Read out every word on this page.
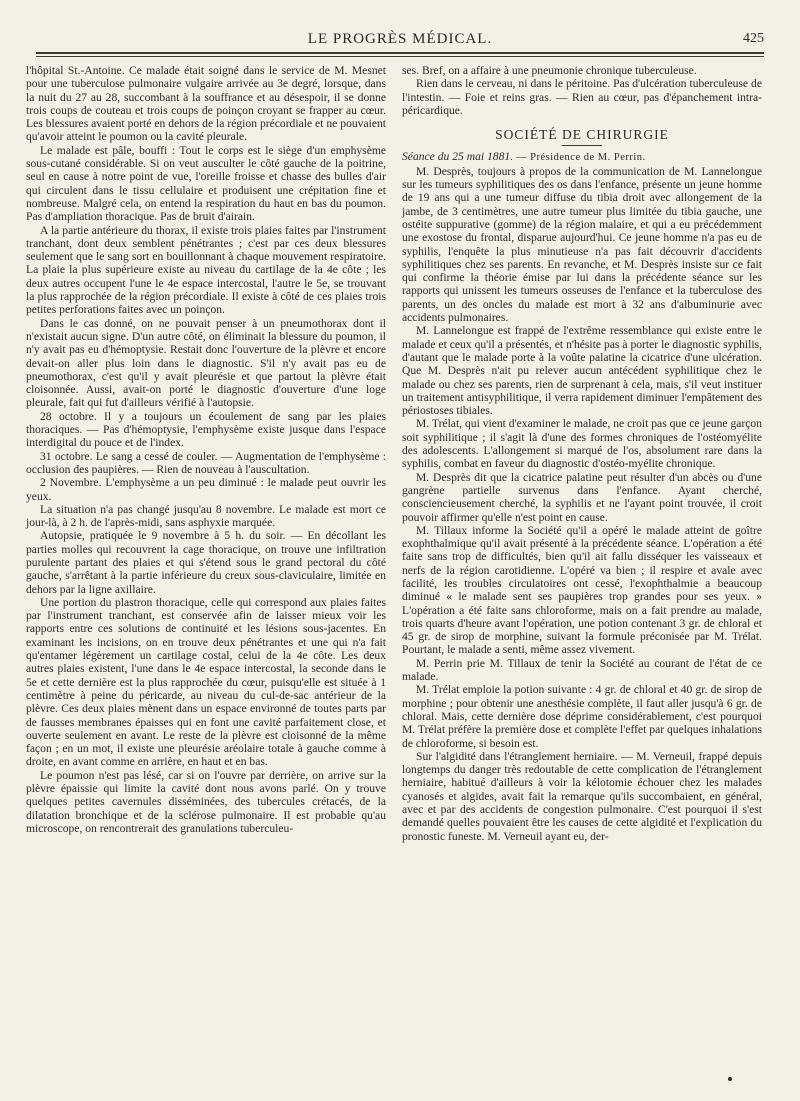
LE PROGRÈS MÉDICAL.	425

l'hôpital St.-Antoine. Ce malade était soigné dans le service de M. Mesnet pour une tuberculose pulmonaire vulgaire arrivée au 3e degré, lorsque, dans la nuit du 27 au 28, succombant à la souffrance et au désespoir, il se donne trois coups de couteau et trois coups de poinçon croyant se frapper au cœur. Les blessures avaient porté en dehors de la région précordiale et ne pouvaient qu'avoir atteint le poumon ou la cavité pleurale.

Le malade est pâle, bouffi : Tout le corps est le siège d'un emphysème sous-cutané considérable. Si on veut ausculter le côté gauche de la poitrine, seul en cause à notre point de vue, l'oreille froisse et chasse des bulles d'air qui circulent dans le tissu cellulaire et produisent une crépitation fine et nombreuse. Malgré cela, on entend la respiration du haut en bas du poumon. Pas d'ampliation thoracique. Pas de bruit d'airain.

A la partie antérieure du thorax, il existe trois plaies faites par l'instrument tranchant, dont deux semblent pénétrantes ; c'est par ces deux blessures seulement que le sang sort en bouillonnant à chaque mouvement respiratoire. La plaie la plus supérieure existe au niveau du cartilage de la 4e côte ; les deux autres occupent l'une le 4e espace intercostal, l'autre le 5e, se trouvant la plus rapprochée de la région précordiale. Il existe à côté de ces plaies trois petites perforations faites avec un poinçon.

Dans le cas donné, on ne pouvait penser à un pneumothorax dont il n'existait aucun signe. D'un autre côté, on éliminait la blessure du poumon, il n'y avait pas eu d'hémoptysie. Restait donc l'ouverture de la plèvre et encore devait-on aller plus loin dans le diagnostic. S'il n'y avait pas eu de pneumothorax, c'est qu'il y avait pleurésie et que partout la plèvre était cloisonnée. Aussi, avait-on porté le diagnostic d'ouverture d'une loge pleurale, fait qui fut d'ailleurs vérifié à l'autopsie.

28 octobre. Il y a toujours un écoulement de sang par les plaies thoraciques. — Pas d'hémoptysie, l'emphysème existe jusque dans l'espace interdigital du pouce et de l'index.

31 octobre. Le sang a cessé de couler. — Augmentation de l'emphysème : occlusion des paupières. — Rien de nouveau à l'auscultation.

2 Novembre. L'emphysème a un peu diminué : le malade peut ouvrir les yeux.

La situation n'a pas changé jusqu'au 8 novembre. Le malade est mort ce jour-là, à 2 h. de l'après-midi, sans asphyxie marquée.

Autopsie, pratiquée le 9 novembre à 5 h. du soir. — En décollant les parties molles qui recouvrent la cage thoracique, on trouve une infiltration purulente partant des plaies et qui s'étend sous le grand pectoral du côté gauche, s'arrêtant à la partie inférieure du creux sous-claviculaire, limitée en dehors par la ligne axillaire.

Une portion du plastron thoracique, celle qui correspond aux plaies faites par l'instrument tranchant, est conservée afin de laisser mieux voir les rapports entre ces solutions de continuité et les lésions sous-jacentes. En examinant les incisions, on en trouve deux pénétrantes et une qui n'a fait qu'entamer légèrement un cartilage costal, celui de la 4e côte. Les deux autres plaies existent, l'une dans le 4e espace intercostal, la seconde dans le 5e et cette dernière est la plus rapprochée du cœur, puisqu'elle est située à 1 centimètre à peine du péricarde, au niveau du cul-de-sac antérieur de la plèvre. Ces deux plaies mènent dans un espace environné de toutes parts par de fausses membranes épaisses qui en font une cavité parfaitement close, et ouverte seulement en avant. Le reste de la plèvre est cloisonné de la même façon ; en un mot, il existe une pleurésie aréolaire totale à gauche comme à droite, en avant comme en arrière, en haut et en bas.

Le poumon n'est pas lésé, car si on l'ouvre par derrière, on arrive sur la plèvre épaissie qui limite la cavité dont nous avons parlé. On y trouve quelques petites cavernules disséminées, des tubercules crétacés, de la dilatation bronchique et de la sclérose pulmonaire. Il est probable qu'au microscope, on rencontrerait des granulations tuberculeu-

ses. Bref, on a affaire à une pneumonie chronique tuberculeuse.

Rien dans le cerveau, ni dans le péritoine. Pas d'ulcération tuberculeuse de l'intestin. — Foie et reins gras. — Rien au cœur, pas d'épanchement intra-péricardique.

SOCIÉTÉ DE CHIRURGIE

Séance du 25 mai 1881. — Présidence de M. Perrin.

M. Desprès, toujours à propos de la communication de M. Lannelongue sur les tumeurs syphilitiques des os dans l'enfance, présente un jeune homme de 19 ans qui a une tumeur diffuse du tibia droit avec allongement de la jambe, de 3 centimètres, une autre tumeur plus limitée du tibia gauche, une ostéite suppurative (gomme) de la région malaire, et qui a eu précédemment une exostose du frontal, disparue aujourd'hui. Ce jeune homme n'a pas eu de syphilis, l'enquête la plus minutieuse n'a pas fait découvrir d'accidents syphilitiques chez ses parents. En revanche, et M. Desprès insiste sur ce fait qui confirme la théorie émise par lui dans la précédente séance sur les rapports qui unissent les tumeurs osseuses de l'enfance et la tuberculose des parents, un des oncles du malade est mort à 32 ans d'albuminurie avec accidents pulmonaires.

M. Lannelongue est frappé de l'extrême ressemblance qui existe entre le malade et ceux qu'il a présentés, et n'hésite pas à porter le diagnostic syphilis, d'autant que le malade porte à la voûte palatine la cicatrice d'une ulcération. Que M. Desprès n'ait pu relever aucun antécédent syphilitique chez le malade ou chez ses parents, rien de surprenant à cela, mais, s'il veut instituer un traitement antisyphilitique, il verra rapidement diminuer l'empâtement des périostoses tibiales.

M. Trélat, qui vient d'examiner le malade, ne croit pas que ce jeune garçon soit syphilitique ; il s'agit là d'une des formes chroniques de l'ostéomyélite des adolescents. L'allongement si marqué de l'os, absolument rare dans la syphilis, combat en faveur du diagnostic d'ostéo-myélite chronique.

M. Desprès dit que la cicatrice palatine peut résulter d'un abcès ou d'une gangrène partielle survenus dans l'enfance. Ayant cherché, consciencieusement cherché, la syphilis et ne l'ayant point trouvée, il croit pouvoir affirmer qu'elle n'est point en cause.

M. Tillaux informe la Société qu'il a opéré le malade atteint de goître exophthalmique qu'il avait présenté à la précédente séance. L'opération a été faite sans trop de difficultés, bien qu'il ait fallu disséquer les vaisseaux et nerfs de la région carotidienne. L'opéré va bien ; il respire et avale avec facilité, les troubles circulatoires ont cessé, l'exophthalmie a beaucoup diminué « le malade sent ses paupières trop grandes pour ses yeux. » L'opération a été faite sans chloroforme, mais on a fait prendre au malade, trois quarts d'heure avant l'opération, une potion contenant 3 gr. de chloral et 45 gr. de sirop de morphine, suivant la formule préconisée par M. Trélat. Pourtant, le malade a senti, même assez vivement.

M. Perrin prie M. Tillaux de tenir la Société au courant de l'état de ce malade.

M. Trélat emploie la potion suivante : 4 gr. de chloral et 40 gr. de sirop de morphine ; pour obtenir une anesthésie complète, il faut aller jusqu'à 6 gr. de chloral. Mais, cette dernière dose déprime considérablement, c'est pourquoi M. Trélat préfère la première dose et complète l'effet par quelques inhalations de chloroforme, si besoin est.

Sur l'algidité dans l'étranglement herniaire. — M. Verneuil, frappé depuis longtemps du danger très redoutable de cette complication de l'étranglement herniaire, habitué d'ailleurs à voir la kélotomie échouer chez les malades cyanosés et algides, avait fait la remarque qu'ils succombaient, en général, avec et par des accidents de congestion pulmonaire. C'est pourquoi il s'est demandé quelles pouvaient être les causes de cette algidité et l'explication du pronostic funeste. M. Verneuil ayant eu, der-
